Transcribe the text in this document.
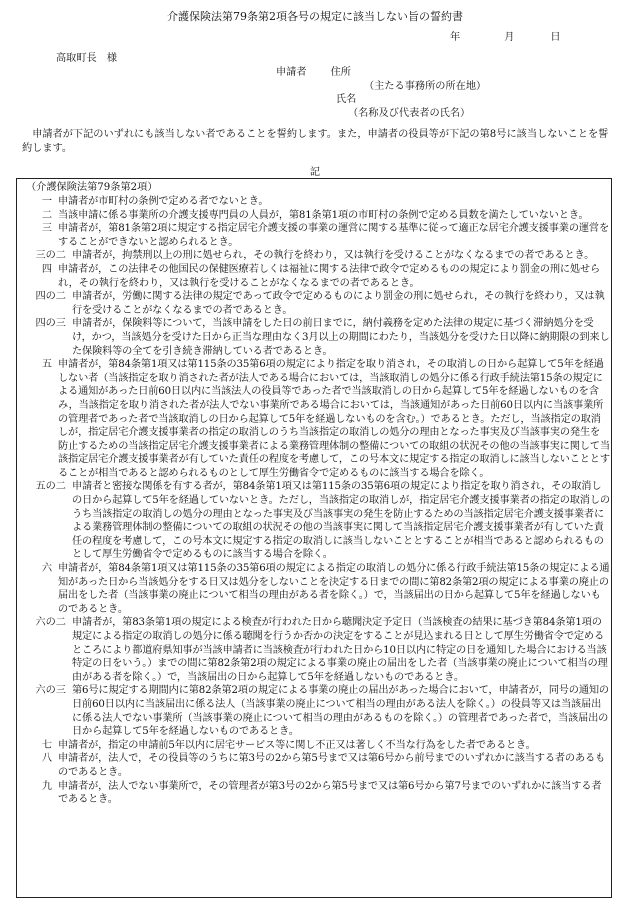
介護保険法第79条第2項各号の規定に該当しない旨の誓約書
年	月	日
高取町長　様
申請者 住所
（主たる事務所の所在地）
氏名
（名称及び代表者の氏名）
申請者が下記のいずれにも該当しない者であることを誓約します。また，申請者の役員等が下記の第8号に該当しないことを誓約します。
記
（介護保険法第79条第2項）
一 申請者が市町村の条例で定める者でないとき。
二 当該申請に係る事業所の介護支援専門員の人員が，第81条第1項の市町村の条例で定める員数を満たしていないとき。
三 申請者が，第81条第2項に規定する指定居宅介護支援の事業の運営に関する基準に従って適正な居宅介護支援事業の運営をすることができないと認められるとき。
三の二 申請者が，拘禁刑以上の刑に処せられ，その執行を終わり，又は執行を受けることがなくなるまでの者であるとき。
四 申請者が，この法律その他国民の保健医療若しくは福祉に関する法律で政令で定めるものの規定により罰金の刑に処せられ，その執行を終わり，又は執行を受けることがなくなるまでの者であるとき。
四の二 申請者が，労働に関する法律の規定であって政令で定めるものにより罰金の刑に処せられ，その執行を終わり，又は執行を受けることがなくなるまでの者であるとき。
四の三 申請者が，保険料等について，当該申請をした日の前日までに，納付義務を定めた法律の規定に基づく滞納処分を受け，かつ，当該処分を受けた日から正当な理由なく3月以上の期間にわたり，当該処分を受けた日以降に納期限の到来した保険料等の全てを引き続き滞納している者であるとき。
五 申請者が，第84条第1項又は第115条の35第6項の規定により指定を取り消され，その取消しの日から起算して5年を経過しない者（当該指定を取り消された者が法人である場合においては，当該取消しの処分に係る行政手続法第15条の規定による通知があった日前60日以内に当該法人の役員等であった者で当該取消しの日から起算して5年を経過しないものを含み，当該指定を取り消された者が法人でない事業所である場合においては，当該通知があった日前60日以内に当該事業所の管理者であった者で当該取消しの日から起算して5年を経過しないものを含む。）であるとき。ただし，当該指定の取消しが，指定居宅介護支援事業者の指定の取消しのうち当該指定の取消しの処分の理由となった事実及び当該事実の発生を防止するための当該指定居宅介護支援事業者による業務管理体制の整備についての取組の状況その他の当該事実に関して当該指定居宅介護支援事業者が有していた責任の程度を考慮して，この号本文に規定する指定の取消しに該当しないこととすることが相当であると認められるものとして厚生労働省令で定めるものに該当する場合を除く。
五の二 申請者と密接な関係を有する者が，第84条第1項又は第115条の35第6項の規定により指定を取り消され，その取消しの日から起算して5年を経過していないとき。ただし，当該指定の取消しが，指定居宅介護支援事業者の指定の取消しのうち当該指定の取消しの処分の理由となった事実及び当該事実の発生を防止するための当該指定居宅介護支援事業者による業務管理体制の整備についての取組の状況その他の当該事実に関して当該指定居宅介護支援事業者が有していた責任の程度を考慮して，この号本文に規定する指定の取消しに該当しないこととすることが相当であると認められるものとして厚生労働省令で定めるものに該当する場合を除く。
六 申請者が，第84条第1項又は第115条の35第6項の規定による指定の取消しの処分に係る行政手続法第15条の規定による通知があった日から当該処分をする日又は処分をしないことを決定する日までの間に第82条第2項の規定による事業の廃止の届出をした者（当該事業の廃止について相当の理由がある者を除く。）で，当該届出の日から起算して5年を経過しないものであるとき。
六の二 申請者が，第83条第1項の規定による検査が行われた日から聴聞決定予定日（当該検査の結果に基づき第84条第1項の規定による指定の取消しの処分に係る聴聞を行うか否かの決定をすることが見込まれる日として厚生労働省令で定めるところにより都道府県知事が当該申請者に当該検査が行われた日から10日以内に特定の日を通知した場合における当該特定の日をいう。）までの間に第82条第2項の規定による事業の廃止の届出をした者（当該事業の廃止について相当の理由がある者を除く。）で，当該届出の日から起算して5年を経過しないものであるとき。
六の三 第6号に規定する期間内に第82条第2項の規定による事業の廃止の届出があった場合において，申請者が，同号の通知の日前60日以内に当該届出に係る法人（当該事業の廃止について相当の理由がある法人を除く。）の役員等又は当該届出に係る法人でない事業所（当該事業の廃止について相当の理由があるものを除く。）の管理者であった者で，当該届出の日から起算して5年を経過しないものであるとき。
七 申請者が，指定の申請前5年以内に居宅サービス等に関し不正又は著しく不当な行為をした者であるとき。
八 申請者が，法人で，その役員等のうちに第3号の2から第5号まで又は第6号から前号までのいずれかに該当する者のあるものであるとき。
九 申請者が，法人でない事業所で，その管理者が第3号の2から第5号まで又は第6号から第7号までのいずれかに該当する者であるとき。
